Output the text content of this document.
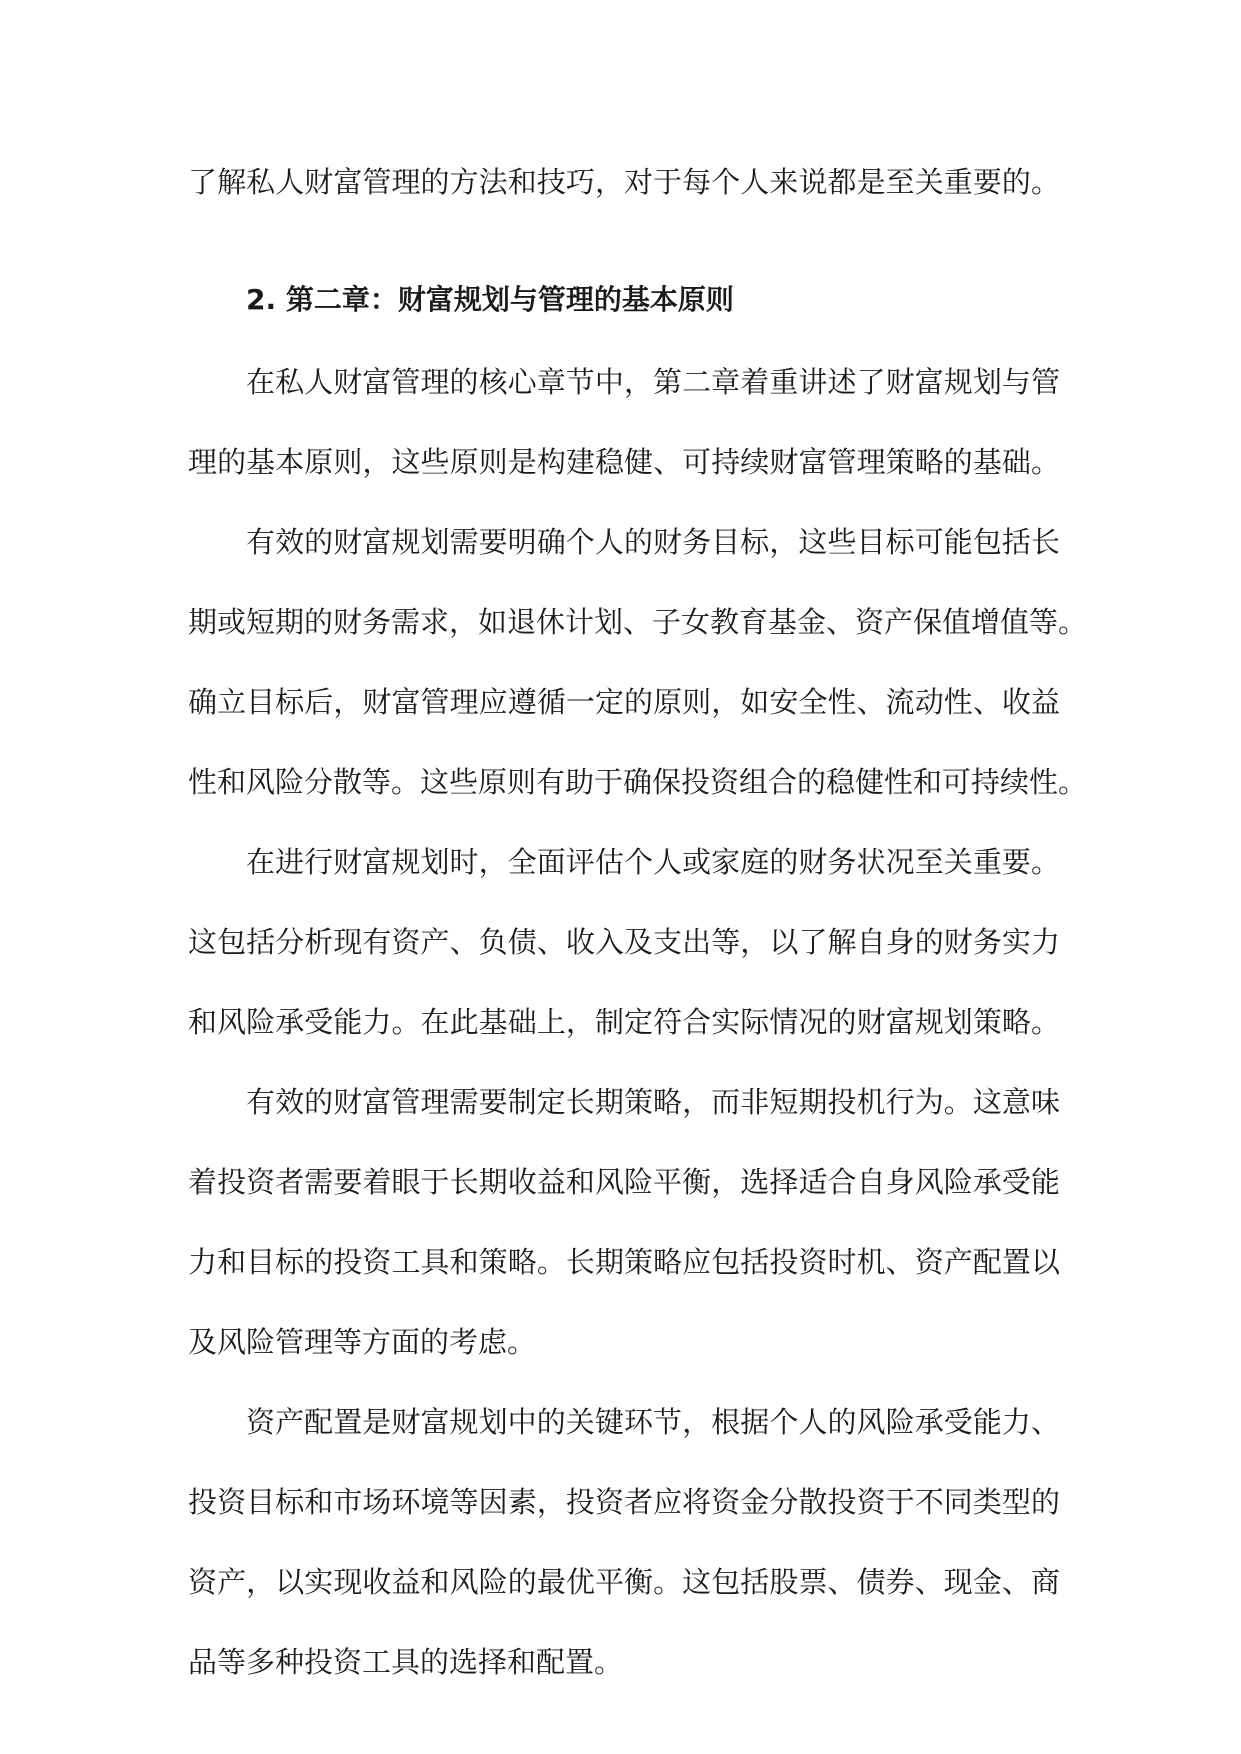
了解私人财富管理的方法和技巧，对于每个人来说都是至关重要的。
2. 第二章：财富规划与管理的基本原则
在私人财富管理的核心章节中，第二章着重讲述了财富规划与管
理的基本原则，这些原则是构建稳健、可持续财富管理策略的基础。
有效的财富规划需要明确个人的财务目标，这些目标可能包括长
期或短期的财务需求，如退休计划、子女教育基金、资产保值增值等。
确立目标后，财富管理应遵循一定的原则，如安全性、流动性、收益
性和风险分散等。这些原则有助于确保投资组合的稳健性和可持续性。
在进行财富规划时，全面评估个人或家庭的财务状况至关重要。
这包括分析现有资产、负债、收入及支出等，以了解自身的财务实力
和风险承受能力。在此基础上，制定符合实际情况的财富规划策略。
有效的财富管理需要制定长期策略，而非短期投机行为。这意味
着投资者需要着眼于长期收益和风险平衡，选择适合自身风险承受能
力和目标的投资工具和策略。长期策略应包括投资时机、资产配置以
及风险管理等方面的考虑。
资产配置是财富规划中的关键环节，根据个人的风险承受能力、
投资目标和市场环境等因素，投资者应将资金分散投资于不同类型的
资产，以实现收益和风险的最优平衡。这包括股票、债券、现金、商
品等多种投资工具的选择和配置。
